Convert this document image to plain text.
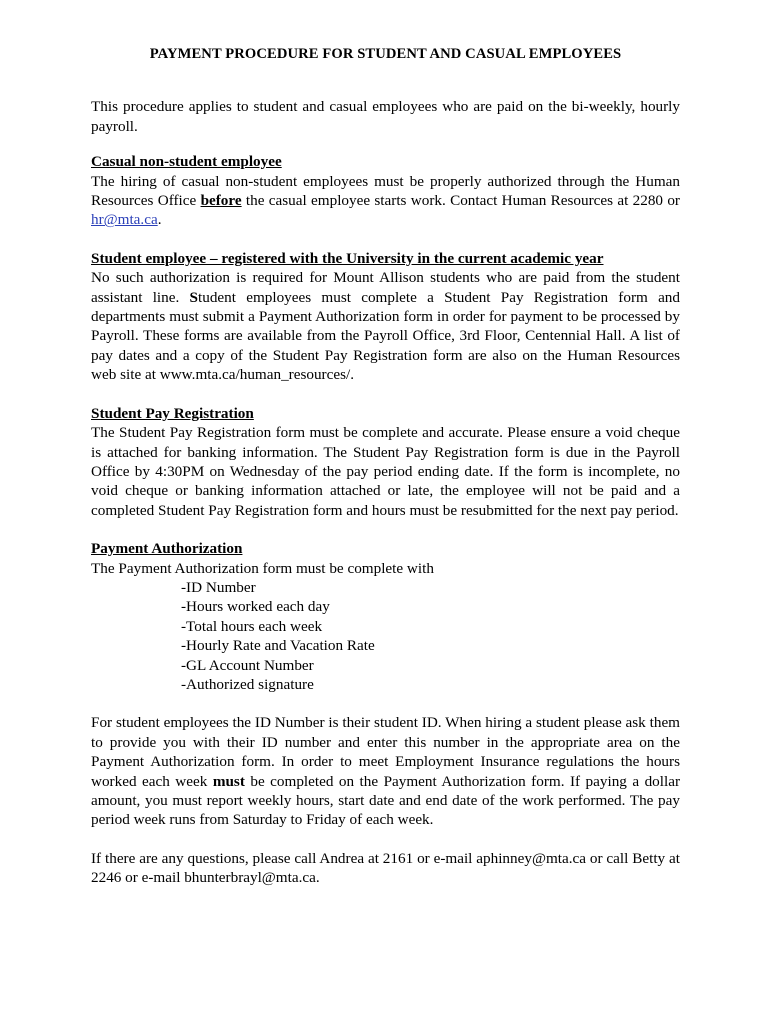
PAYMENT PROCEDURE FOR STUDENT AND CASUAL EMPLOYEES

This procedure applies to student and casual employees who are paid on the bi-weekly, hourly payroll.

Casual non-student employee

The hiring of casual non-student employees must be properly authorized through the Human Resources Office before the casual employee starts work. Contact Human Resources at 2280 or hr@mta.ca.

Student employee – registered with the University in the current academic year

No such authorization is required for Mount Allison students who are paid from the student assistant line. Student employees must complete a Student Pay Registration form and departments must submit a Payment Authorization form in order for payment to be processed by Payroll. These forms are available from the Payroll Office, 3rd Floor, Centennial Hall. A list of pay dates and a copy of the Student Pay Registration form are also on the Human Resources web site at www.mta.ca/human_resources/.

Student Pay Registration

The Student Pay Registration form must be complete and accurate. Please ensure a void cheque is attached for banking information. The Student Pay Registration form is due in the Payroll Office by 4:30PM on Wednesday of the pay period ending date. If the form is incomplete, no void cheque or banking information attached or late, the employee will not be paid and a completed Student Pay Registration form and hours must be resubmitted for the next pay period.

Payment Authorization

The Payment Authorization form must be complete with

-ID Number
-Hours worked each day
-Total hours each week
-Hourly Rate and Vacation Rate
-GL Account Number
-Authorized signature

For student employees the ID Number is their student ID. When hiring a student please ask them to provide you with their ID number and enter this number in the appropriate area on the Payment Authorization form. In order to meet Employment Insurance regulations the hours worked each week must be completed on the Payment Authorization form. If paying a dollar amount, you must report weekly hours, start date and end date of the work performed. The pay period week runs from Saturday to Friday of each week.

If there are any questions, please call Andrea at 2161 or e-mail aphinney@mta.ca or call Betty at 2246 or e-mail bhunterbrayl@mta.ca.
